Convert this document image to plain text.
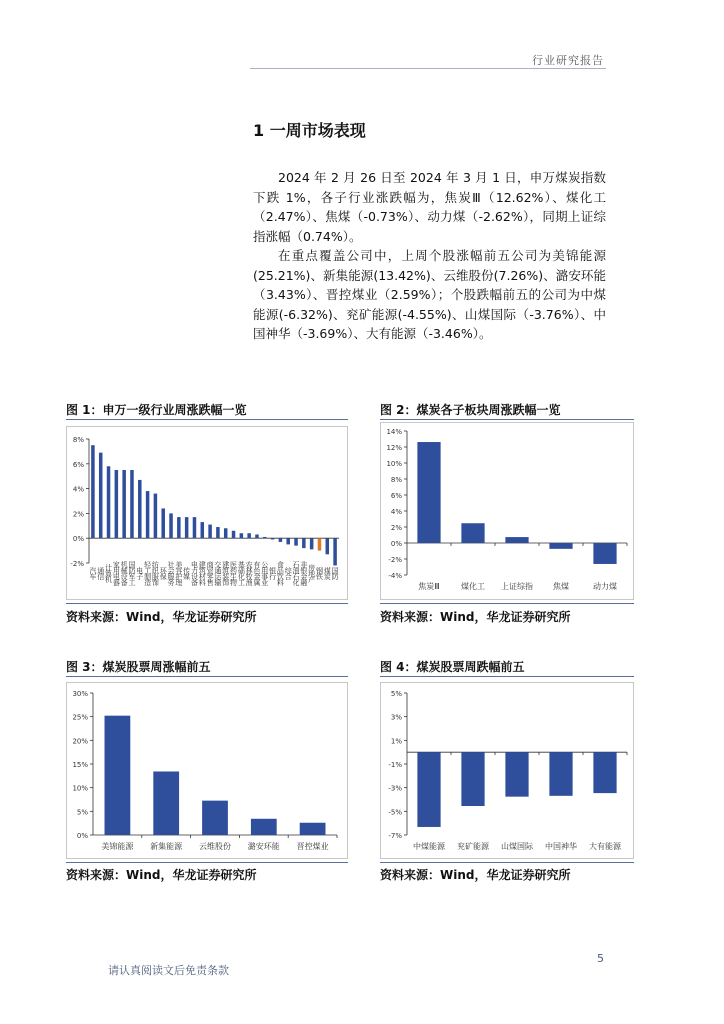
行业研究报告
1 一周市场表现

2024 年 2 月 26 日至 2024 年 3 月 1 日，申万煤炭指数下跌 1%，各子行业涨跌幅为，焦炭Ⅲ（12.62%）、煤化工（2.47%）、焦煤（-0.73%）、动力煤（-2.62%），同期上证综指涨幅（0.74%）。

在重点覆盖公司中，上周个股涨幅前五公司为美锦能源(25.21%)、新集能源(13.42%)、云维股份(7.26%)、潞安环能（3.43%）、晋控煤业（2.59%）；个股跌幅前五的公司为中煤能源(-6.32%)、兖矿能源(-4.55%)、山煤国际（-3.76%）、中国神华（-3.69%）、大有能源（-3.46%）。

图 1：申万一级行业周涨跌幅一览
-2%
0%
2%
4%
6%
8%
汽车 通信 计算机 家用电器 机械设备 国防军工 电子 轻工制造 纺织服饰 环保 社会服务 美容护理 传媒 电力设备 建筑材料 商贸零售 交通运输 建筑装饰 医药生物 基础化工 农林牧渔 有色金属 公用事业 银行 食品饮料 综合 石油石化 非银金融 房地产 钢铁 煤炭 国防
资料来源：Wind，华龙证券研究所
图 2：煤炭各子板块周涨跌幅一览
-4%
-2%
0%
2%
4%
6%
8%
10%
12%
14%
焦炭Ⅲ	煤化工 上证综指	焦煤	动力煤
资料来源：Wind，华龙证券研究所
图 3：煤炭股票周涨幅前五
0%
5%
10%
15%
20%
25%
30%
美锦能源 新集能源 云维股份 潞安环能 晋控煤业
资料来源：Wind，华龙证券研究所
图 4：煤炭股票周跌幅前五
-7%
-5%
-3%
-1%
1%
3%
5%
中煤能源 兖矿能源 山煤国际 中国神华 大有能源
资料来源：Wind，华龙证券研究所
5
请认真阅读文后免责条款
